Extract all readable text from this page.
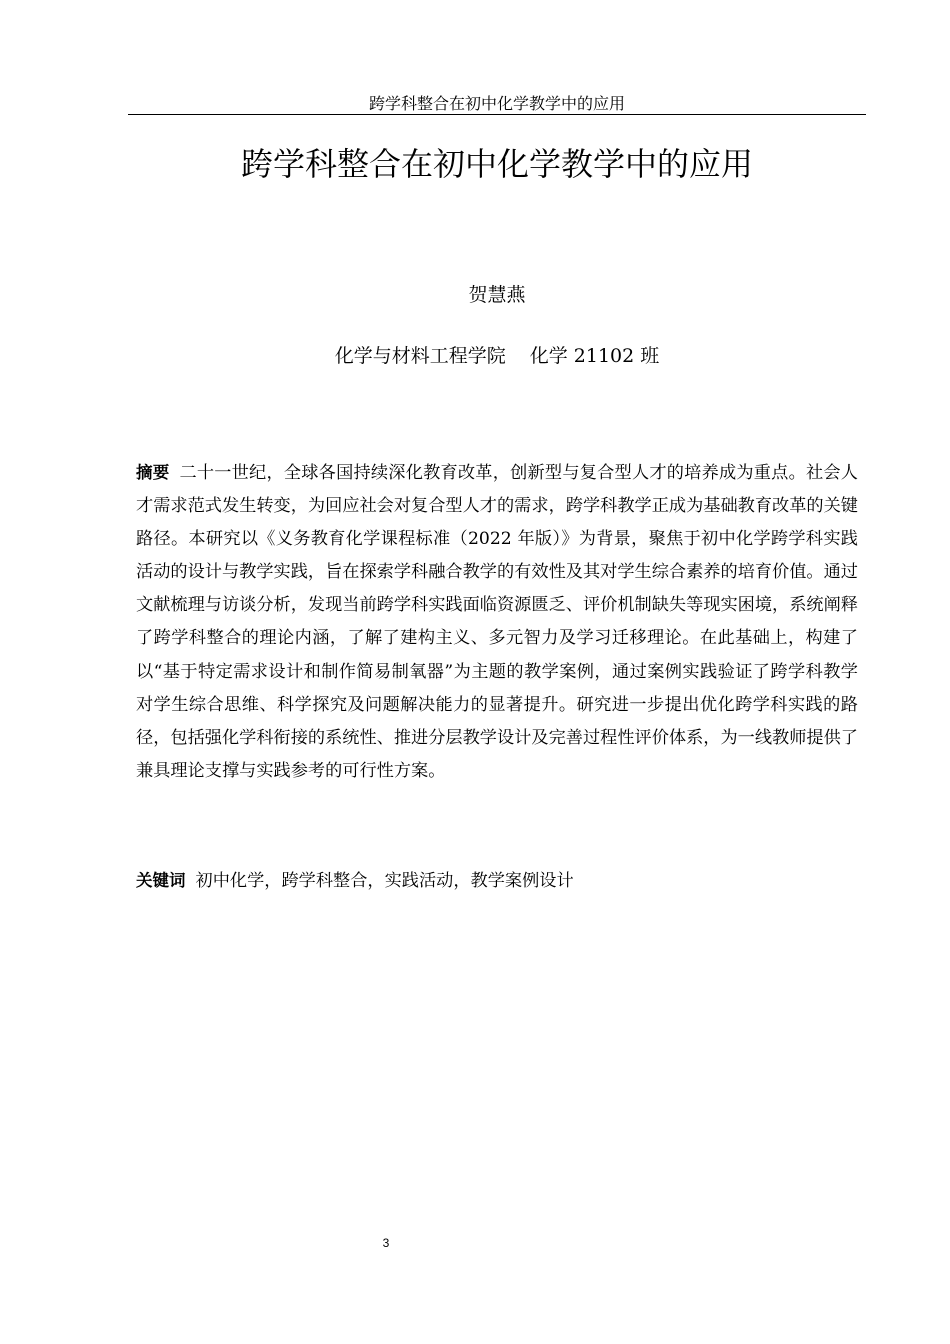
跨学科整合在初中化学教学中的应用
跨学科整合在初中化学教学中的应用
贺慧燕
化学与材料工程学院 化学 21102 班
摘要 二十一世纪，全球各国持续深化教育改革，创新型与复合型人才的培养成为重点。社会人才需求范式发生转变，为回应社会对复合型人才的需求，跨学科教学正成为基础教育改革的关键路径。本研究以《义务教育化学课程标准（2022 年版）》为背景，聚焦于初中化学跨学科实践活动的设计与教学实践，旨在探索学科融合教学的有效性及其对学生综合素养的培育价值。通过文献梳理与访谈分析，发现当前跨学科实践面临资源匮乏、评价机制缺失等现实困境，系统阐释了跨学科整合的理论内涵，了解了建构主义、多元智力及学习迁移理论。在此基础上，构建了以“基于特定需求设计和制作简易制氧器”为主题的教学案例，通过案例实践验证了跨学科教学对学生综合思维、科学探究及问题解决能力的显著提升。研究进一步提出优化跨学科实践的路径，包括强化学科衔接的系统性、推进分层教学设计及完善过程性评价体系，为一线教师提供了兼具理论支撑与实践参考的可行性方案。
关键词 初中化学，跨学科整合，实践活动，教学案例设计
3
